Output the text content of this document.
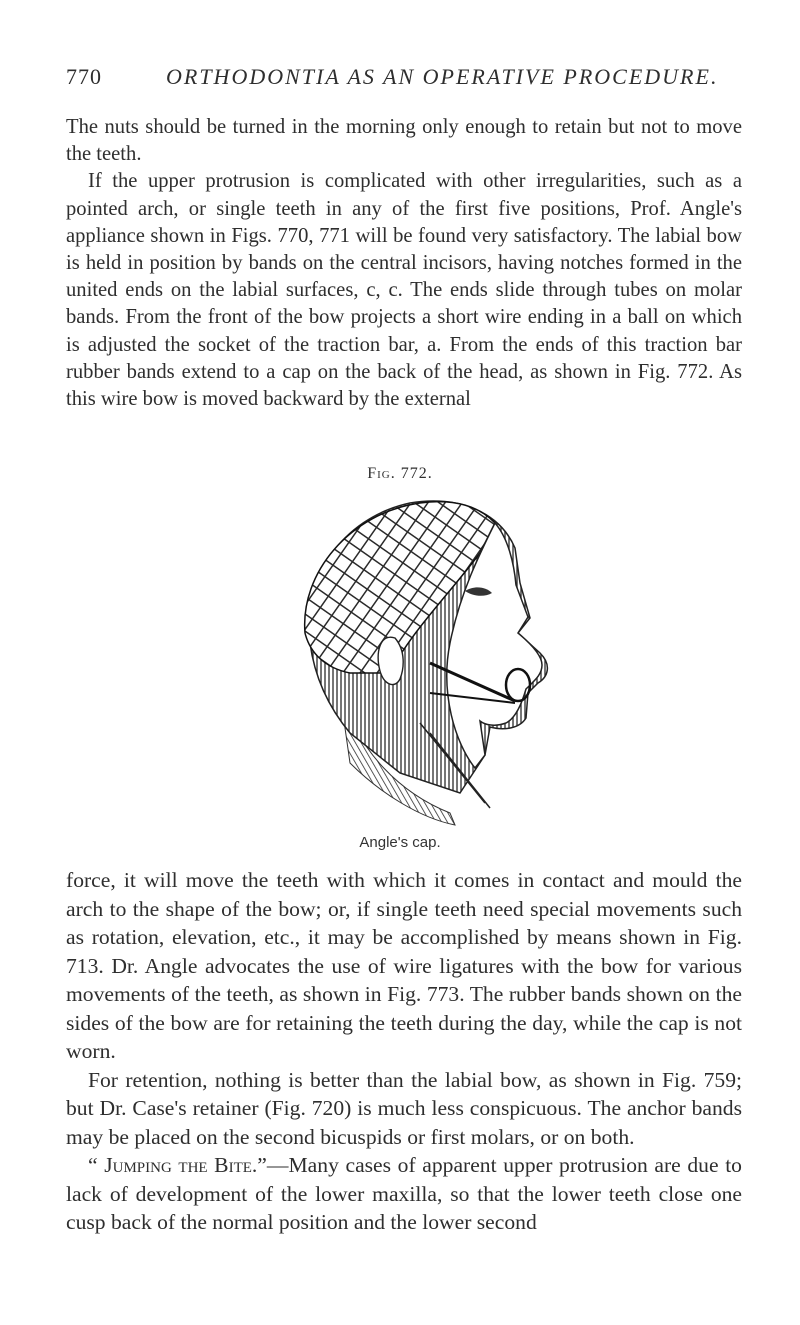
770	ORTHODONTIA AS AN OPERATIVE PROCEDURE.

The nuts should be turned in the morning only enough to retain but not to move the teeth.

If the upper protrusion is complicated with other irregularities, such as a pointed arch, or single teeth in any of the first five positions, Prof. Angle's appliance shown in Figs. 770, 771 will be found very satisfactory. The labial bow is held in position by bands on the central incisors, having notches formed in the united ends on the labial surfaces, c, c. The ends slide through tubes on molar bands. From the front of the bow projects a short wire ending in a ball on which is adjusted the socket of the traction bar, a. From the ends of this traction bar rubber bands extend to a cap on the back of the head, as shown in Fig. 772. As this wire bow is moved backward by the external

Fig. 772.
Angle's cap.

force, it will move the teeth with which it comes in contact and mould the arch to the shape of the bow; or, if single teeth need special movements such as rotation, elevation, etc., it may be accomplished by means shown in Fig. 713. Dr. Angle advocates the use of wire ligatures with the bow for various movements of the teeth, as shown in Fig. 773. The rubber bands shown on the sides of the bow are for retaining the teeth during the day, while the cap is not worn.

For retention, nothing is better than the labial bow, as shown in Fig. 759; but Dr. Case's retainer (Fig. 720) is much less conspicuous. The anchor bands may be placed on the second bicuspids or first molars, or on both.

“ Jumping the Bite.”—Many cases of apparent upper protrusion are due to lack of development of the lower maxilla, so that the lower teeth close one cusp back of the normal position and the lower second
